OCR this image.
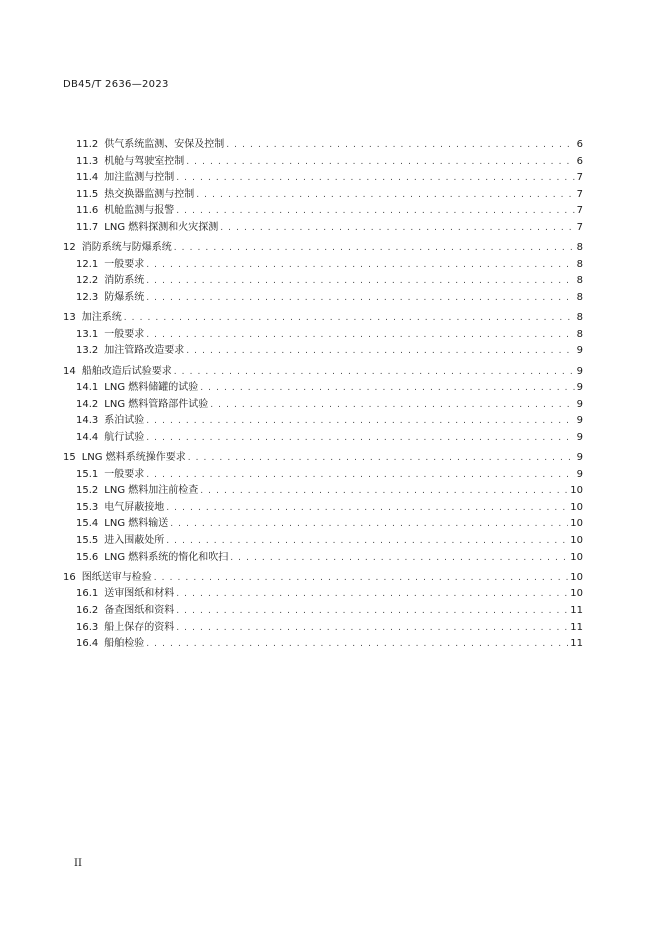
DB45/T 2636—2023
11.2 供气系统监测、安保及控制 . . .	6
11.3 机舱与驾驶室控制 . . .	6
11.4 加注监测与控制 . . .	7
11.5 热交换器监测与控制 . . .	7
11.6 机舱监测与报警 . . .	7
11.7 LNG 燃料探测和火灾探测 . . .	7
12 消防系统与防爆系统 . . .	8
12.1 一般要求 . . .	8
12.2 消防系统 . . .	8
12.3 防爆系统 . . .	8
13 加注系统 . . .	8
13.1 一般要求 . . .	8
13.2 加注管路改造要求 . . .	9
14 船舶改造后试验要求 . . .	9
14.1 LNG 燃料储罐的试验 . . .	9
14.2 LNG 燃料管路部件试验 . . .	9
14.3 系泊试验 . . .	9
14.4 航行试验 . . .	9
15 LNG 燃料系统操作要求 . . .	9
15.1 一般要求 . . .	9
15.2 LNG 燃料加注前检查 . . .	10
15.3 电气屏蔽接地 . . .	10
15.4 LNG 燃料输送 . . .	10
15.5 进入围蔽处所 . . .	10
15.6 LNG 燃料系统的惰化和吹扫 . . .	10
16 图纸送审与检验 . . .	10
16.1 送审图纸和材料 . . .	10
16.2 备查图纸和资料 . . .	11
16.3 船上保存的资料 . . .	11
16.4 船舶检验 . . .	11
II
